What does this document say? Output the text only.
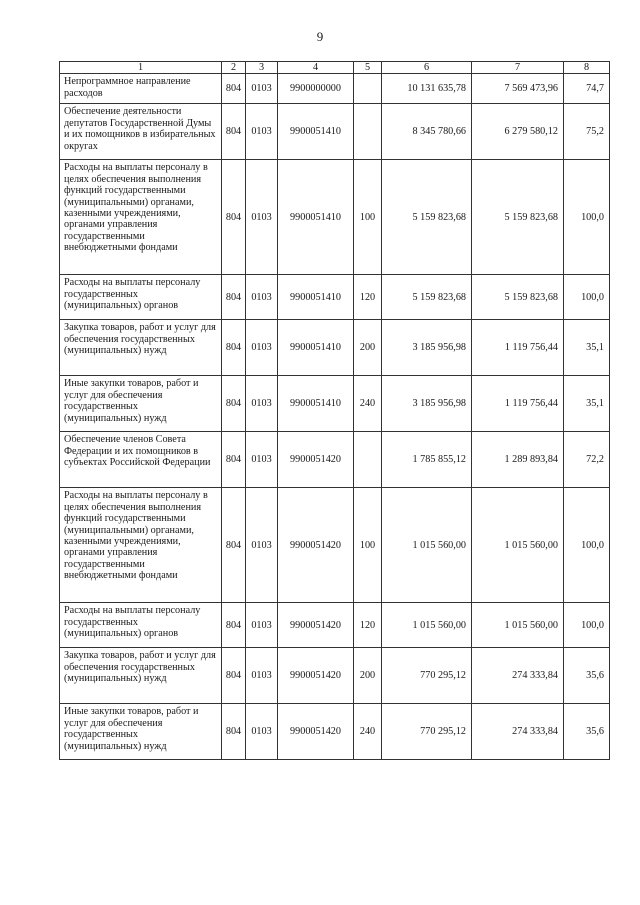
9
1	2	3	4	5	6	7	8
Непрограммное направление расходов	804	0103	9900000000		10 131 635,78	7 569 473,96	74,7
Обеспечение деятельности депутатов Государственной Думы и их помощников в избирательных округах	804	0103	9900051410		8 345 780,66	6 279 580,12	75,2
Расходы на выплаты персоналу в целях обеспечения выполнения функций государственными (муниципальными) органами, казенными учреждениями, органами управления государственными внебюджетными фондами	804	0103	9900051410	100	5 159 823,68	5 159 823,68	100,0
Расходы на выплаты персоналу государственных (муниципальных) органов	804	0103	9900051410	120	5 159 823,68	5 159 823,68	100,0
Закупка товаров, работ и услуг для обеспечения государственных (муниципальных) нужд	804	0103	9900051410	200	3 185 956,98	1 119 756,44	35,1
Иные закупки товаров, работ и услуг для обеспечения государственных (муниципальных) нужд	804	0103	9900051410	240	3 185 956,98	1 119 756,44	35,1
Обеспечение членов Совета Федерации и их помощников в субъектах Российской Федерации	804	0103	9900051420		1 785 855,12	1 289 893,84	72,2
Расходы на выплаты персоналу в целях обеспечения выполнения функций государственными (муниципальными) органами, казенными учреждениями, органами управления государственными внебюджетными фондами	804	0103	9900051420	100	1 015 560,00	1 015 560,00	100,0
Расходы на выплаты персоналу государственных (муниципальных) органов	804	0103	9900051420	120	1 015 560,00	1 015 560,00	100,0
Закупка товаров, работ и услуг для обеспечения государственных (муниципальных) нужд	804	0103	9900051420	200	770 295,12	274 333,84	35,6
Иные закупки товаров, работ и услуг для обеспечения государственных (муниципальных) нужд	804	0103	9900051420	240	770 295,12	274 333,84	35,6
